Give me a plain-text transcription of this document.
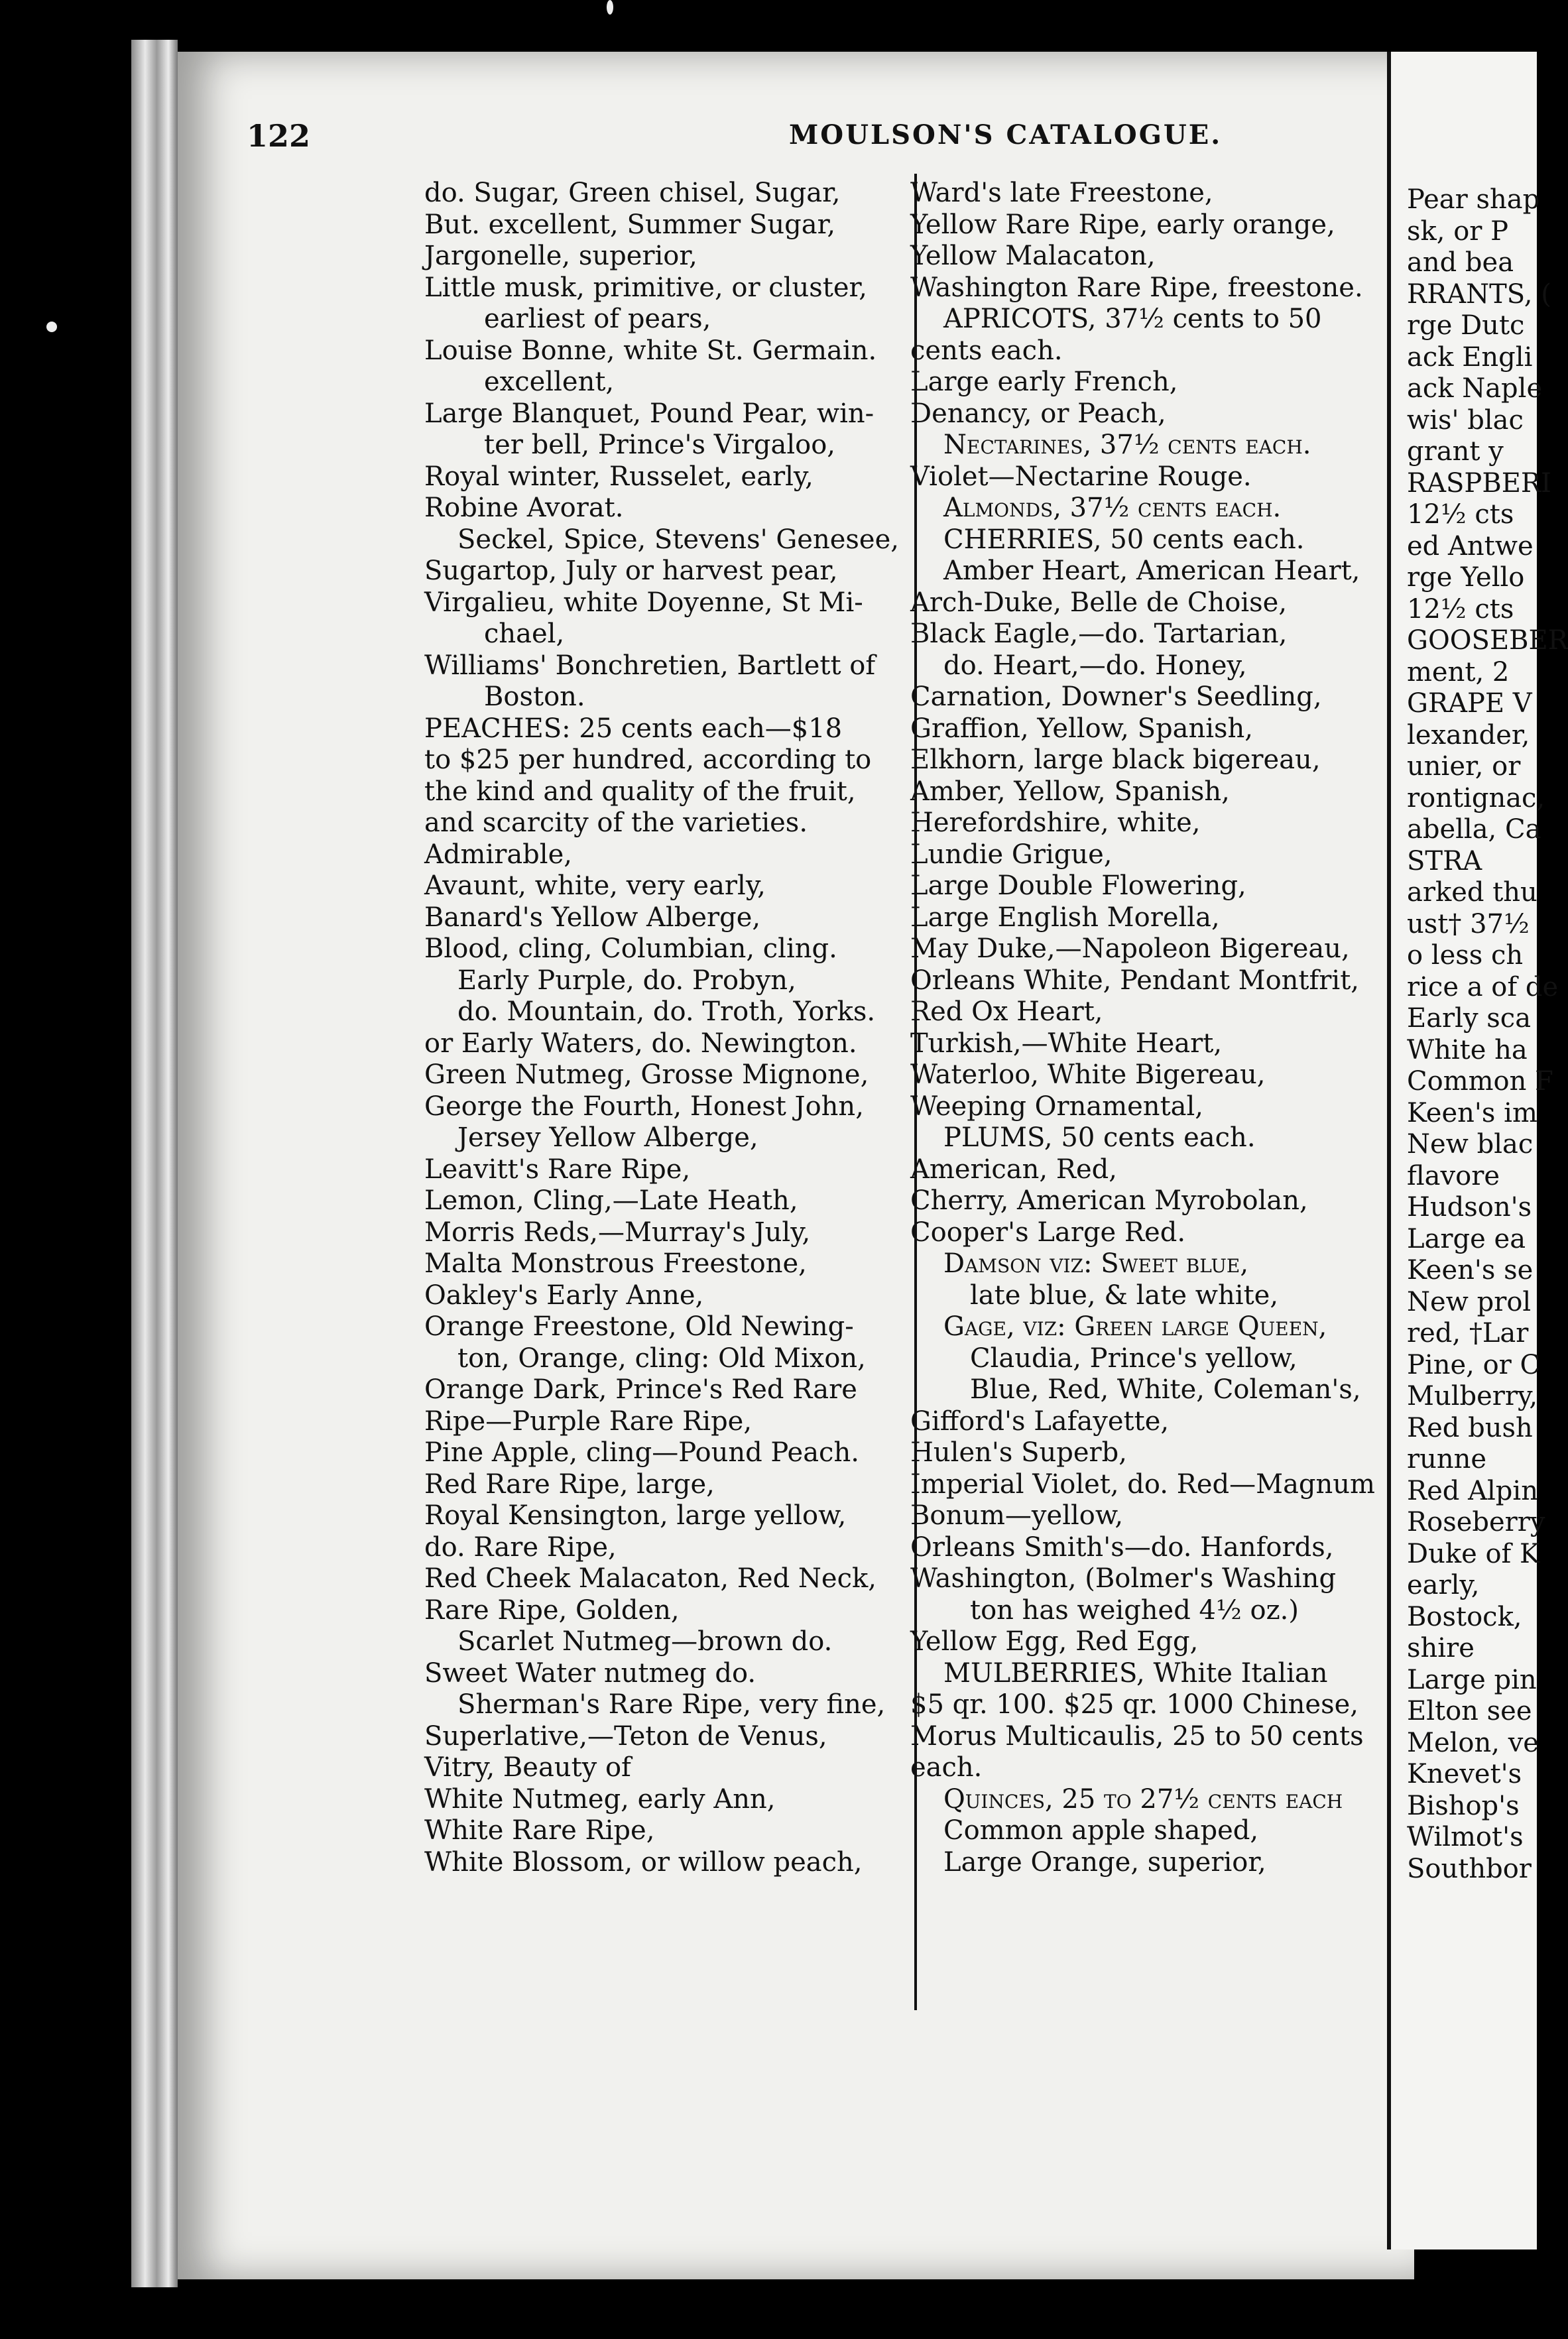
122	MOULSON'S CATALOGUE.
do. Sugar, Green chisel, Sugar,
But. excellent, Summer Sugar,
Jargonelle, superior,
Little musk, primitive, or cluster,
earliest of pears,
Louise Bonne, white St. Germain.
excellent,
Large Blanquet, Pound Pear, win-
ter bell, Prince's Virgaloo,
Royal winter, Russelet, early,
Robine Avorat.
Seckel, Spice, Stevens' Genesee,
Sugartop, July or harvest pear,
Virgalieu, white Doyenne, St Mi-
chael,
Williams' Bonchretien, Bartlett of
Boston.
PEACHES: 25 cents each—$18
to $25 per hundred, according to
the kind and quality of the fruit,
and scarcity of the varieties.
Admirable,
Avaunt, white, very early,
Banard's Yellow Alberge,
Blood, cling, Columbian, cling.
Early Purple, do. Probyn,
do. Mountain, do. Troth, Yorks.
or Early Waters, do. Newington.
Green Nutmeg, Grosse Mignone,
George the Fourth, Honest John,
Jersey Yellow Alberge,
Leavitt's Rare Ripe,
Lemon, Cling,—Late Heath,
Morris Reds,—Murray's July,
Malta Monstrous Freestone,
Oakley's Early Anne,
Orange Freestone, Old Newing-
ton, Orange, cling: Old Mixon,
Orange Dark, Prince's Red Rare
Ripe—Purple Rare Ripe,
Pine Apple, cling—Pound Peach.
Red Rare Ripe, large,
Royal Kensington, large yellow,
do. Rare Ripe,
Red Cheek Malacaton, Red Neck,
Rare Ripe, Golden,
Scarlet Nutmeg—brown do.
Sweet Water nutmeg do.
Sherman's Rare Ripe, very fine,
Superlative,—Teton de Venus,
Vitry, Beauty of
White Nutmeg, early Ann,
White Rare Ripe,
White Blossom, or willow peach,
Ward's late Freestone,
Yellow Rare Ripe, early orange,
Yellow Malacaton,
Washington Rare Ripe, freestone.
APRICOTS, 37½ cents to 50
cents each.
Large early French,
Denancy, or Peach,
Nectarines, 37½ cents each.
Violet—Nectarine Rouge.
Almonds, 37½ cents each.
CHERRIES, 50 cents each.
Amber Heart, American Heart,
Arch-Duke, Belle de Choise,
Black Eagle,—do. Tartarian,
do. Heart,—do. Honey,
Carnation, Downer's Seedling,
Graffion, Yellow, Spanish,
Elkhorn, large black bigereau,
Amber, Yellow, Spanish,
Herefordshire, white,
Lundie Grigue,
Large Double Flowering,
Large English Morella,
May Duke,—Napoleon Bigereau,
Orleans White, Pendant Montfrit,
Red Ox Heart,
Turkish,—White Heart,
Waterloo, White Bigereau,
Weeping Ornamental,
PLUMS, 50 cents each.
American, Red,
Cherry, American Myrobolan,
Cooper's Large Red.
Damson viz: Sweet blue,
late blue, & late white,
Gage, viz: Green large Queen,
Claudia, Prince's yellow,
Blue, Red, White, Coleman's,
Gifford's Lafayette,
Hulen's Superb,
Imperial Violet, do. Red—Magnum
Bonum—yellow,
Orleans Smith's—do. Hanfords,
Washington, (Bolmer's Washing
ton has weighed 4½ oz.)
Yellow Egg, Red Egg,
MULBERRIES, White Italian
$5 qr. 100. $25 qr. 1000 Chinese,
Morus Multicaulis, 25 to 50 cents
each.
Quinces, 25 to 27½ cents each
Common apple shaped,
Large Orange, superior,
Pear shap
sk, or P
and bea
RRANTS, (
rge Dutc
ack Engli
ack Naple
wis' blac
grant y
RASPBERI
12½ cts
ed Antwe
rge Yello
12½ cts
GOOSEBER
ment, 2
GRAPE V
lexander,
unier, or
rontignac,
abella, Ca
STRA
arked thu
ust† 37½
o less ch
rice a of de
Early sca
White ha
Common F
Keen's im
New blac
flavore
Hudson's
Large ea
Keen's se
New prol
red, †Lar
Pine, or C
Mulberry,
Red bush
runne
Red Alpin
Roseberry
Duke of K
early,
Bostock,
shire
Large pin
Elton see
Melon, ve
Knevet's
Bishop's
Wilmot's
Southbor
